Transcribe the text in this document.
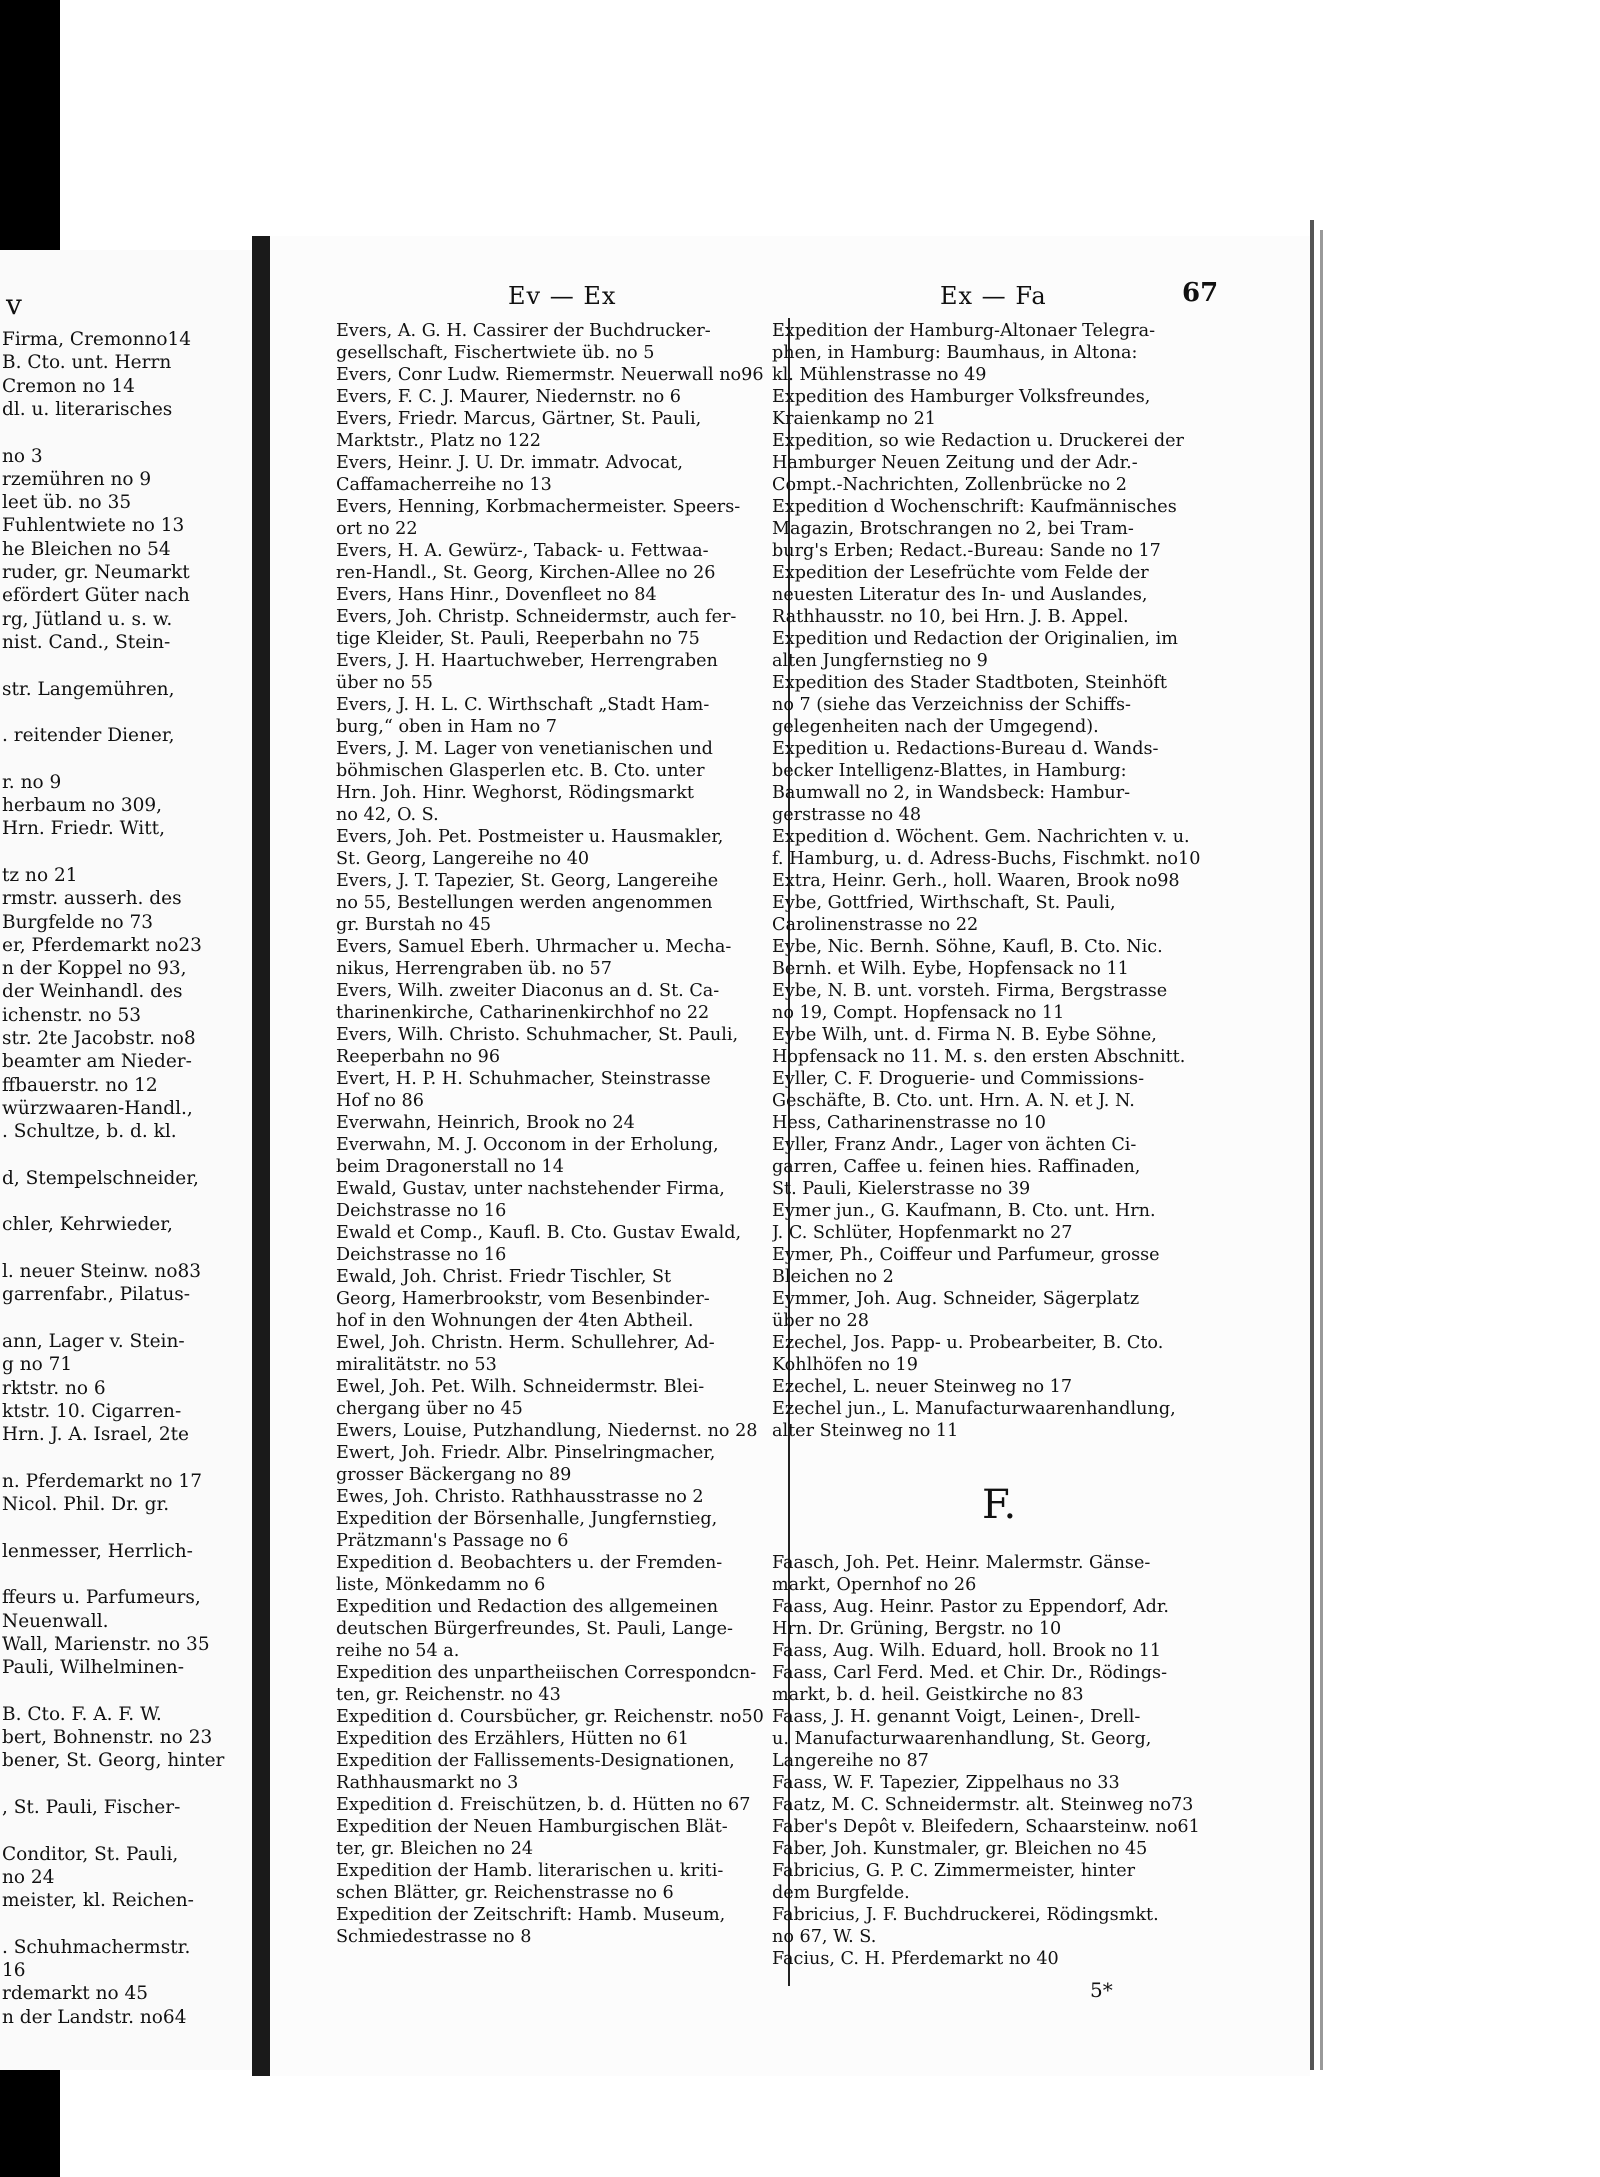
v
Firma, Cremonno14
B. Cto. unt. Herrn
Cremon no 14
dl. u. literarisches
no 3
rzemühren no 9
leet üb. no 35
Fuhlentwiete no 13
he Bleichen no 54
ruder, gr. Neumarkt
efördert Güter nach
rg, Jütland u. s. w.
nist. Cand., Stein-
str. Langemühren,
. reitender Diener,
r. no 9
herbaum no 309,
Hrn. Friedr. Witt,
tz no 21
rmstr. ausserh. des
Burgfelde no 73
er, Pferdemarkt no23
n der Koppel no 93,
der Weinhandl. des
ichenstr. no 53
str. 2te Jacobstr. no8
beamter am Nieder-
ffbauerstr. no 12
würzwaaren-Handl.,
. Schultze, b. d. kl.
d, Stempelschneider,
chler, Kehrwieder,
l. neuer Steinw. no83
garrenfabr., Pilatus-
ann, Lager v. Stein-
g no 71
rktstr. no 6
ktstr. 10. Cigarren-
Hrn. J. A. Israel, 2te
n. Pferdemarkt no 17
Nicol. Phil. Dr. gr.
lenmesser, Herrlich-
ffeurs u. Parfumeurs,
Neuenwall.
Wall, Marienstr. no 35
Pauli, Wilhelminen-
B. Cto. F. A. F. W.
bert, Bohnenstr. no 23
bener, St. Georg, hinter
, St. Pauli, Fischer-
Conditor, St. Pauli,
no 24
meister, kl. Reichen-
. Schuhmachermstr.
16
rdemarkt no 45
n der Landstr. no64
Ev — Ex	Ex — Fa	67
Evers, A. G. H. Cassirer der Buchdrucker-
gesellschaft, Fischertwiete üb. no 5
Evers, Conr Ludw. Riemermstr. Neuerwall no96
Evers, F. C. J. Maurer, Niedernstr. no 6
Evers, Friedr. Marcus, Gärtner, St. Pauli,
Marktstr., Platz no 122
Evers, Heinr. J. U. Dr. immatr. Advocat,
Caffamacherreihe no 13
Evers, Henning, Korbmachermeister. Speers-
ort no 22
Evers, H. A. Gewürz-, Taback- u. Fettwaa-
ren-Handl., St. Georg, Kirchen-Allee no 26
Evers, Hans Hinr., Dovenfleet no 84
Evers, Joh. Christp. Schneidermstr, auch fer-
tige Kleider, St. Pauli, Reeperbahn no 75
Evers, J. H. Haartuchweber, Herrengraben
über no 55
Evers, J. H. L. C. Wirthschaft „Stadt Ham-
burg,“ oben in Ham no 7
Evers, J. M. Lager von venetianischen und
böhmischen Glasperlen etc. B. Cto. unter
Hrn. Joh. Hinr. Weghorst, Rödingsmarkt
no 42, O. S.
Evers, Joh. Pet. Postmeister u. Hausmakler,
St. Georg, Langereihe no 40
Evers, J. T. Tapezier, St. Georg, Langereihe
no 55, Bestellungen werden angenommen
gr. Burstah no 45
Evers, Samuel Eberh. Uhrmacher u. Mecha-
nikus, Herrengraben üb. no 57
Evers, Wilh. zweiter Diaconus an d. St. Ca-
tharinenkirche, Catharinenkirchhof no 22
Evers, Wilh. Christo. Schuhmacher, St. Pauli,
Reeperbahn no 96
Evert, H. P. H. Schuhmacher, Steinstrasse
Hof no 86
Everwahn, Heinrich, Brook no 24
Everwahn, M. J. Occonom in der Erholung,
beim Dragonerstall no 14
Ewald, Gustav, unter nachstehender Firma,
Deichstrasse no 16
Ewald et Comp., Kaufl. B. Cto. Gustav Ewald,
Deichstrasse no 16
Ewald, Joh. Christ. Friedr Tischler, St
Georg, Hamerbrookstr, vom Besenbinder-
hof in den Wohnungen der 4ten Abtheil.
Ewel, Joh. Christn. Herm. Schullehrer, Ad-
miralitätstr. no 53
Ewel, Joh. Pet. Wilh. Schneidermstr. Blei-
chergang über no 45
Ewers, Louise, Putzhandlung, Niedernst. no 28
Ewert, Joh. Friedr. Albr. Pinselringmacher,
grosser Bäckergang no 89
Ewes, Joh. Christo. Rathhausstrasse no 2
Expedition der Börsenhalle, Jungfernstieg,
Prätzmann's Passage no 6
Expedition d. Beobachters u. der Fremden-
liste, Mönkedamm no 6
Expedition und Redaction des allgemeinen
deutschen Bürgerfreundes, St. Pauli, Lange-
reihe no 54 a.
Expedition des unpartheiischen Correspondcn-
ten, gr. Reichenstr. no 43
Expedition d. Coursbücher, gr. Reichenstr. no50
Expedition des Erzählers, Hütten no 61
Expedition der Fallissements-Designationen,
Rathhausmarkt no 3
Expedition d. Freischützen, b. d. Hütten no 67
Expedition der Neuen Hamburgischen Blät-
ter, gr. Bleichen no 24
Expedition der Hamb. literarischen u. kriti-
schen Blätter, gr. Reichenstrasse no 6
Expedition der Zeitschrift: Hamb. Museum,
Schmiedestrasse no 8
Expedition der Hamburg-Altonaer Telegra-
phen, in Hamburg: Baumhaus, in Altona:
kl. Mühlenstrasse no 49
Expedition des Hamburger Volksfreundes,
Kraienkamp no 21
Expedition, so wie Redaction u. Druckerei der
Hamburger Neuen Zeitung und der Adr.-
Compt.-Nachrichten, Zollenbrücke no 2
Expedition d Wochenschrift: Kaufmännisches
Magazin, Brotschrangen no 2, bei Tram-
burg's Erben; Redact.-Bureau: Sande no 17
Expedition der Lesefrüchte vom Felde der
neuesten Literatur des In- und Auslandes,
Rathhausstr. no 10, bei Hrn. J. B. Appel.
Expedition und Redaction der Originalien, im
alten Jungfernstieg no 9
Expedition des Stader Stadtboten, Steinhöft
no 7 (siehe das Verzeichniss der Schiffs-
gelegenheiten nach der Umgegend).
Expedition u. Redactions-Bureau d. Wands-
becker Intelligenz-Blattes, in Hamburg:
Baumwall no 2, in Wandsbeck: Hambur-
gerstrasse no 48
Expedition d. Wöchent. Gem. Nachrichten v. u.
f. Hamburg, u. d. Adress-Buchs, Fischmkt. no10
Extra, Heinr. Gerh., holl. Waaren, Brook no98
Eybe, Gottfried, Wirthschaft, St. Pauli,
Carolinenstrasse no 22
Eybe, Nic. Bernh. Söhne, Kaufl, B. Cto. Nic.
Bernh. et Wilh. Eybe, Hopfensack no 11
Eybe, N. B. unt. vorsteh. Firma, Bergstrasse
no 19, Compt. Hopfensack no 11
Eybe Wilh, unt. d. Firma N. B. Eybe Söhne,
Hopfensack no 11. M. s. den ersten Abschnitt.
Eyller, C. F. Droguerie- und Commissions-
Geschäfte, B. Cto. unt. Hrn. A. N. et J. N.
Hess, Catharinenstrasse no 10
Eyller, Franz Andr., Lager von ächten Ci-
garren, Caffee u. feinen hies. Raffinaden,
St. Pauli, Kielerstrasse no 39
Eymer jun., G. Kaufmann, B. Cto. unt. Hrn.
J. C. Schlüter, Hopfenmarkt no 27
Eymer, Ph., Coiffeur und Parfumeur, grosse
Bleichen no 2
Eymmer, Joh. Aug. Schneider, Sägerplatz
über no 28
Ezechel, Jos. Papp- u. Probearbeiter, B. Cto.
Kohlhöfen no 19
Ezechel, L. neuer Steinweg no 17
Ezechel jun., L. Manufacturwaarenhandlung,
alter Steinweg no 11
Faasch, Joh. Pet. Heinr. Malermstr. Gänse-
markt, Opernhof no 26
Faass, Aug. Heinr. Pastor zu Eppendorf, Adr.
Hrn. Dr. Grüning, Bergstr. no 10
Faass, Aug. Wilh. Eduard, holl. Brook no 11
Faass, Carl Ferd. Med. et Chir. Dr., Rödings-
markt, b. d. heil. Geistkirche no 83
Faass, J. H. genannt Voigt, Leinen-, Drell-
u. Manufacturwaarenhandlung, St. Georg,
Langereihe no 87
Faass, W. F. Tapezier, Zippelhaus no 33
Faatz, M. C. Schneidermstr. alt. Steinweg no73
Faber's Depôt v. Bleifedern, Schaarsteinw. no61
Faber, Joh. Kunstmaler, gr. Bleichen no 45
Fabricius, G. P. C. Zimmermeister, hinter
dem Burgfelde.
Fabricius, J. F. Buchdruckerei, Rödingsmkt.
no 67, W. S.
Facius, C. H. Pferdemarkt no 40
F.
5*
